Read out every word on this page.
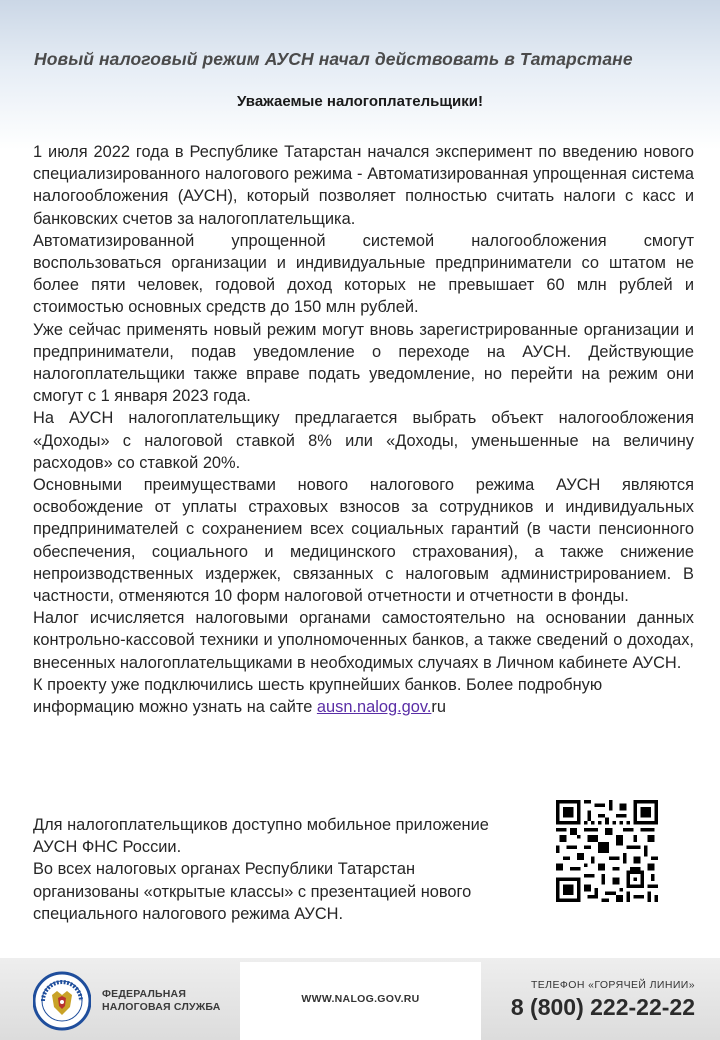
Новый налоговый режим АУСН начал действовать в Татарстане
Уважаемые налогоплательщики!

1 июля 2022 года в Республике Татарстан начался эксперимент по введению нового специализированного налогового режима - Автоматизированная упрощенная система налогообложения (АУСН), который позволяет полностью считать налоги с касс и банковских счетов за налогоплательщика.

Автоматизированной упрощенной системой налогообложения смогут воспользоваться организации и индивидуальные предприниматели со штатом не более пяти человек, годовой доход которых не превышает 60 млн рублей и стоимостью основных средств до 150 млн рублей.

Уже сейчас применять новый режим могут вновь зарегистрированные организации и предприниматели, подав уведомление о переходе на АУСН. Действующие налогоплательщики также вправе подать уведомление, но перейти на режим они смогут с 1 января 2023 года.

На АУСН налогоплательщику предлагается выбрать объект налогообложения «Доходы» с налоговой ставкой 8% или «Доходы, уменьшенные на величину расходов» со ставкой 20%.

Основными преимуществами нового налогового режима АУСН являются освобождение от уплаты страховых взносов за сотрудников и индивидуальных предпринимателей с сохранением всех социальных гарантий (в части пенсионного обеспечения, социального и медицинского страхования), а также снижение непроизводственных издержек, связанных с налоговым администрированием. В частности, отменяются 10 форм налоговой отчетности и отчетности в фонды.

Налог исчисляется налоговыми органами самостоятельно на основании данных контрольно-кассовой техники и уполномоченных банков, а также сведений о доходах, внесенных налогоплательщиками в необходимых случаях в Личном кабинете АУСН.

К проекту уже подключились шесть крупнейших банков. Более подробную информацию можно узнать на сайте ausn.nalog.gov.ru

Для налогоплательщиков доступно мобильное приложение АУСН ФНС России.

Во всех налоговых органах Республики Татарстан организованы «открытые классы» с презентацией нового специального налогового режима АУСН.

ФЕДЕРАЛЬНАЯ
НАЛОГОВАЯ СЛУЖБА
WWW.NALOG.GOV.RU
ТЕЛЕФОН «ГОРЯЧЕЙ ЛИНИИ»
8 (800) 222-22-22
